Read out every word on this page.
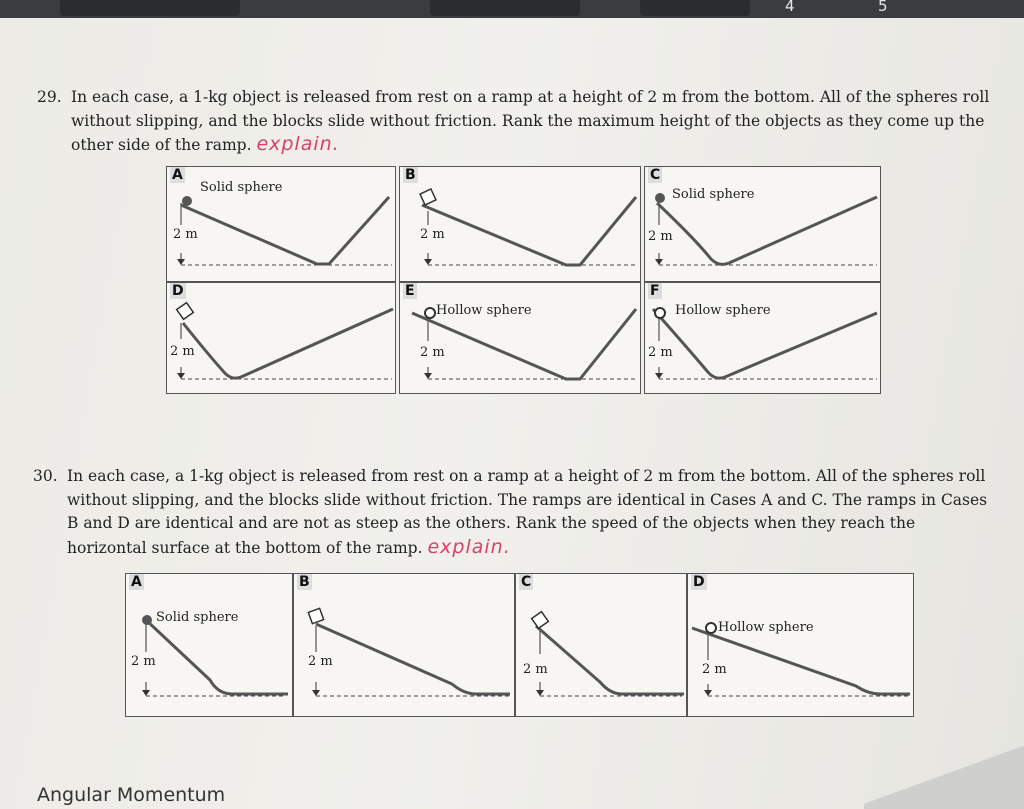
4	5
29. In each case, a 1-kg object is released from rest on a ramp at a height of 2 m from the bottom. All of the spheres roll without slipping, and the blocks slide without friction. Rank the maximum height of the objects as they come up the other side of the ramp. explain.
A
Solid sphere
2 m
B
2 m
C
Solid sphere
2 m
D
2 m
E
Hollow sphere
2 m
F
Hollow sphere
2 m
30. In each case, a 1-kg object is released from rest on a ramp at a height of 2 m from the bottom. All of the spheres roll without slipping, and the blocks slide without friction. The ramps are identical in Cases A and C. The ramps in Cases B and D are identical and are not as steep as the others. Rank the speed of the objects when they reach the horizontal surface at the bottom of the ramp. explain.
A
Solid sphere
2 m
B
2 m
C
2 m
D
Hollow sphere
2 m
Angular Momentum
